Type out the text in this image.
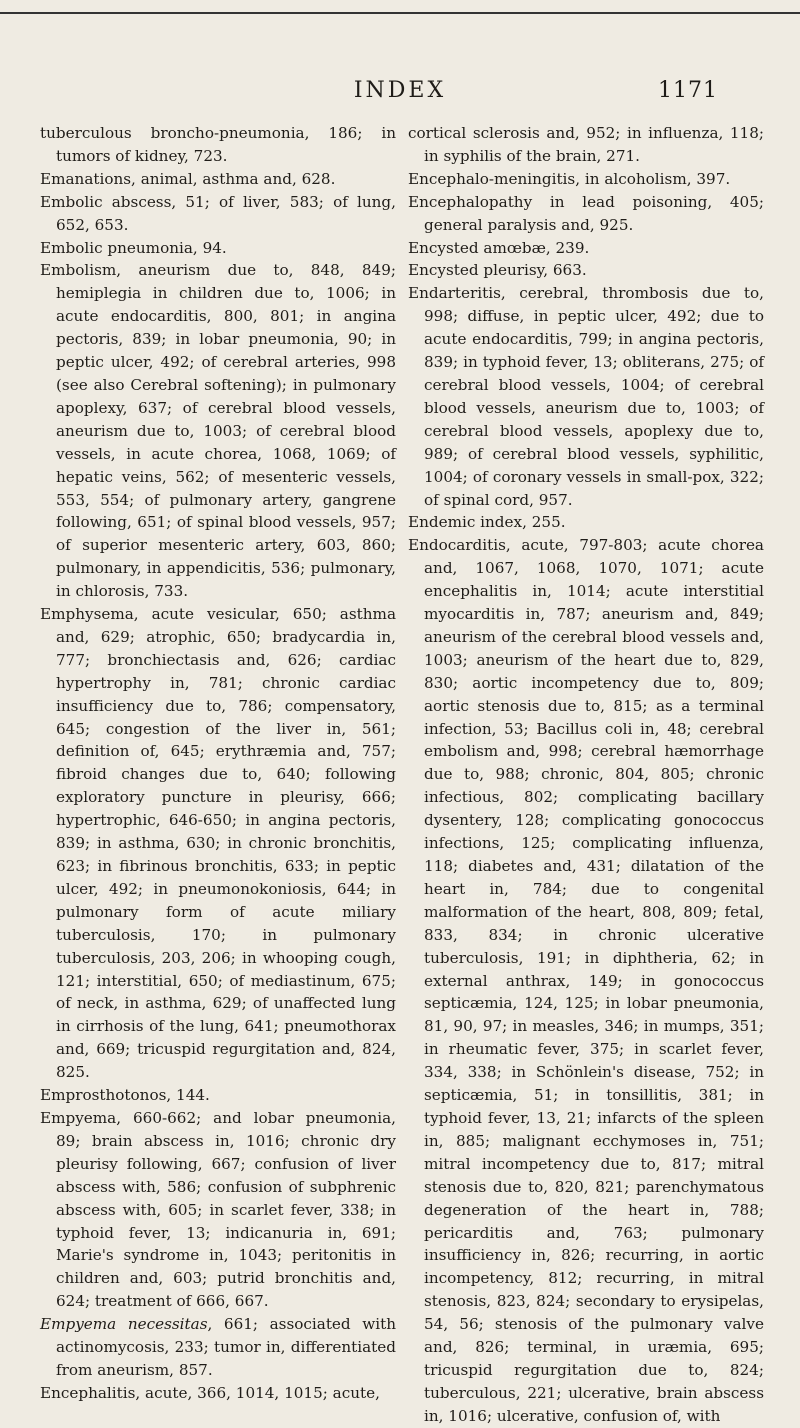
INDEX	1171

tuberculous broncho-pneumonia, 186; in tumors of kidney, 723.

Emanations, animal, asthma and, 628.

Embolic abscess, 51; of liver, 583; of lung, 652, 653.

Embolic pneumonia, 94.

Embolism, aneurism due to, 848, 849; hemiplegia in children due to, 1006; in acute endocarditis, 800, 801; in angina pectoris, 839; in lobar pneumonia, 90; in peptic ulcer, 492; of cerebral arteries, 998 (see also Cerebral softening); in pulmonary apoplexy, 637; of cerebral blood vessels, aneurism due to, 1003; of cerebral blood vessels, in acute chorea, 1068, 1069; of hepatic veins, 562; of mesenteric vessels, 553, 554; of pulmonary artery, gangrene following, 651; of spinal blood vessels, 957; of superior mesenteric artery, 603, 860; pulmonary, in appendicitis, 536; pulmonary, in chlorosis, 733.

Emphysema, acute vesicular, 650; asthma and, 629; atrophic, 650; bradycardia in, 777; bronchiectasis and, 626; cardiac hypertrophy in, 781; chronic cardiac insufficiency due to, 786; compensatory, 645; congestion of the liver in, 561; definition of, 645; erythræmia and, 757; fibroid changes due to, 640; following exploratory puncture in pleurisy, 666; hypertrophic, 646-650; in angina pectoris, 839; in asthma, 630; in chronic bronchitis, 623; in fibrinous bronchitis, 633; in peptic ulcer, 492; in pneumonokoniosis, 644; in pulmonary form of acute miliary tuberculosis, 170; in pulmonary tuberculosis, 203, 206; in whooping cough, 121; interstitial, 650; of mediastinum, 675; of neck, in asthma, 629; of unaffected lung in cirrhosis of the lung, 641; pneumothorax and, 669; tricuspid regurgitation and, 824, 825.

Emprosthotonos, 144.

Empyema, 660-662; and lobar pneumonia, 89; brain abscess in, 1016; chronic dry pleurisy following, 667; confusion of liver abscess with, 586; confusion of subphrenic abscess with, 605; in scarlet fever, 338; in typhoid fever, 13; indicanuria in, 691; Marie's syndrome in, 1043; peritonitis in children and, 603; putrid bronchitis and, 624; treatment of 666, 667.

Empyema necessitas, 661; associated with actinomycosis, 233; tumor in, differentiated from aneurism, 857.

Encephalitis, acute, 366, 1014, 1015; acute,

cortical sclerosis and, 952; in influenza, 118; in syphilis of the brain, 271.

Encephalo-meningitis, in alcoholism, 397.

Encephalopathy in lead poisoning, 405; general paralysis and, 925.

Encysted amœbæ, 239.

Encysted pleurisy, 663.

Endarteritis, cerebral, thrombosis due to, 998; diffuse, in peptic ulcer, 492; due to acute endocarditis, 799; in angina pectoris, 839; in typhoid fever, 13; obliterans, 275; of cerebral blood vessels, 1004; of cerebral blood vessels, aneurism due to, 1003; of cerebral blood vessels, apoplexy due to, 989; of cerebral blood vessels, syphilitic, 1004; of coronary vessels in small-pox, 322; of spinal cord, 957.

Endemic index, 255.

Endocarditis, acute, 797-803; acute chorea and, 1067, 1068, 1070, 1071; acute encephalitis in, 1014; acute interstitial myocarditis in, 787; aneurism and, 849; aneurism of the cerebral blood vessels and, 1003; aneurism of the heart due to, 829, 830; aortic incompetency due to, 809; aortic stenosis due to, 815; as a terminal infection, 53; Bacillus coli in, 48; cerebral embolism and, 998; cerebral hæmorrhage due to, 988; chronic, 804, 805; chronic infectious, 802; complicating bacillary dysentery, 128; complicating gonococcus infections, 125; complicating influenza, 118; diabetes and, 431; dilatation of the heart in, 784; due to congenital malformation of the heart, 808, 809; fetal, 833, 834; in chronic ulcerative tuberculosis, 191; in diphtheria, 62; in external anthrax, 149; in gonococcus septicæmia, 124, 125; in lobar pneumonia, 81, 90, 97; in measles, 346; in mumps, 351; in rheumatic fever, 375; in scarlet fever, 334, 338; in Schönlein's disease, 752; in septicæmia, 51; in tonsillitis, 381; in typhoid fever, 13, 21; infarcts of the spleen in, 885; malignant ecchymoses in, 751; mitral incompetency due to, 817; mitral stenosis due to, 820, 821; parenchymatous degeneration of the heart in, 788; pericarditis and, 763; pulmonary insufficiency in, 826; recurring, in aortic incompetency, 812; recurring, in mitral stenosis, 823, 824; secondary to erysipelas, 54, 56; stenosis of the pulmonary valve and, 826; terminal, in uræmia, 695; tricuspid regurgitation due to, 824; tuberculous, 221; ulcerative, brain abscess in, 1016; ulcerative, confusion of, with
